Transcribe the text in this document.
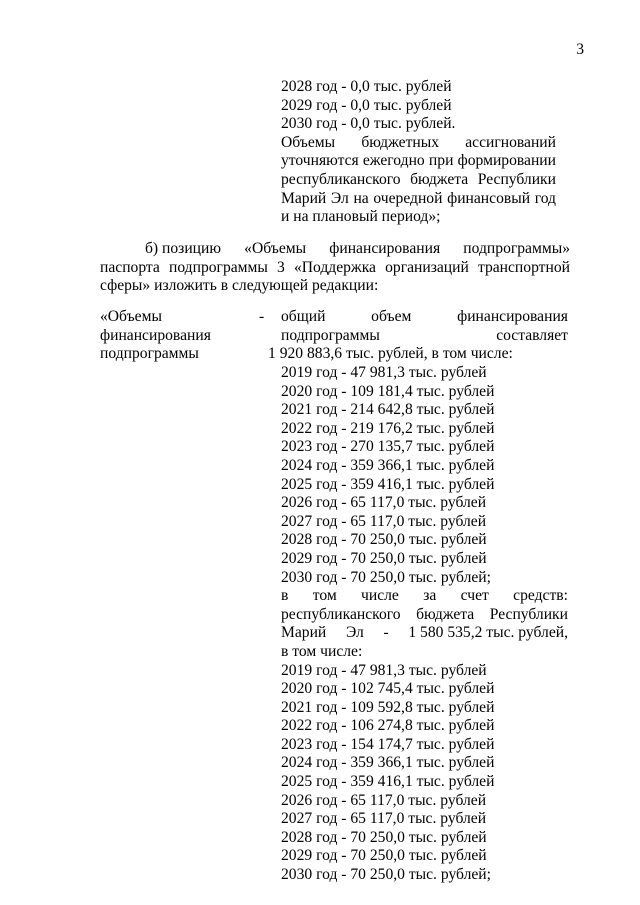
3
2028 год - 0,0 тыс. рублей
2029 год - 0,0 тыс. рублей
2030 год - 0,0 тыс. рублей.
Объемы бюджетных ассигнований
уточняются ежегодно при формировании
республиканского бюджета Республики
Марий Эл на очередной финансовый год
и на плановый период»;
б) позицию «Объемы финансирования подпрограммы»
паспорта подпрограммы 3 «Поддержка организаций транспортной
сферы» изложить в следующей редакции:
«Объемы
финансирования
подпрограммы
- общий	объем	финансирования
подпрограммы	составляет
1 920 883,6 тыс. рублей, в том числе:
2019 год - 47 981,3 тыс. рублей
2020 год - 109 181,4 тыс. рублей
2021 год - 214 642,8 тыс. рублей
2022 год - 219 176,2 тыс. рублей
2023 год - 270 135,7 тыс. рублей
2024 год - 359 366,1 тыс. рублей
2025 год - 359 416,1 тыс. рублей
2026 год - 65 117,0 тыс. рублей
2027 год - 65 117,0 тыс. рублей
2028 год - 70 250,0 тыс. рублей
2029 год - 70 250,0 тыс. рублей
2030 год - 70 250,0 тыс. рублей;
в том числе за счет средств:
республиканского бюджета Республики
Марий Эл - 1 580 535,2 тыс. рублей,
в том числе:
2019 год - 47 981,3 тыс. рублей
2020 год - 102 745,4 тыс. рублей
2021 год - 109 592,8 тыс. рублей
2022 год - 106 274,8 тыс. рублей
2023 год - 154 174,7 тыс. рублей
2024 год - 359 366,1 тыс. рублей
2025 год - 359 416,1 тыс. рублей
2026 год - 65 117,0 тыс. рублей
2027 год - 65 117,0 тыс. рублей
2028 год - 70 250,0 тыс. рублей
2029 год - 70 250,0 тыс. рублей
2030 год - 70 250,0 тыс. рублей;
